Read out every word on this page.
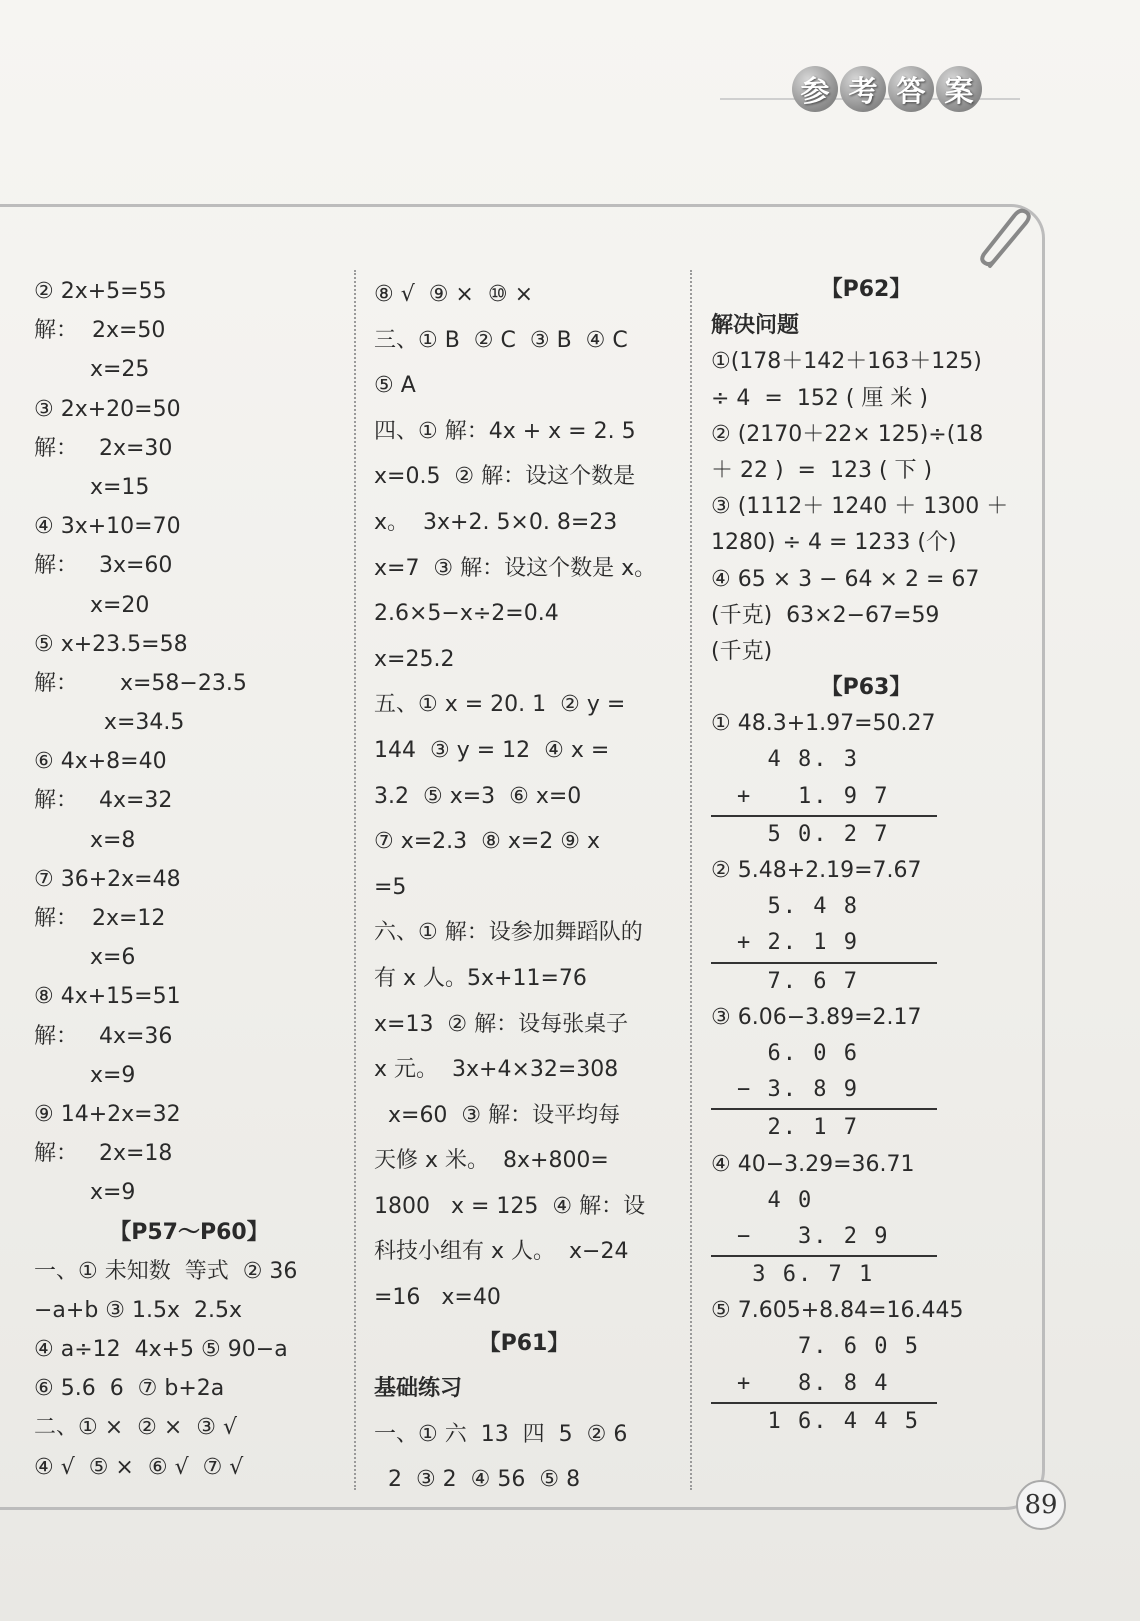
参 考 答 案
② 2x+5=55
解：  2x=50
x=25
③ 2x+20=50
解：   2x=30
x=15
④ 3x+10=70
解：   3x=60
x=20
⑤ x+23.5=58
解：      x=58−23.5
x=34.5
⑥ 4x+8=40
解：   4x=32
x=8
⑦ 36+2x=48
解：  2x=12
x=6
⑧ 4x+15=51
解：   4x=36
x=9
⑨ 14+2x=32
解：   2x=18
x=9
【P57～P60】
一、① 未知数  等式  ② 36
−a+b ③ 1.5x  2.5x
④ a÷12  4x+5 ⑤ 90−a
⑥ 5.6  6  ⑦ b+2a
二、① ×  ② ×  ③ √
④ √  ⑤ ×  ⑥ √  ⑦ √
⑧ √  ⑨ ×  ⑩ ×
三、① B  ② C  ③ B  ④ C
⑤ A
四、① 解：4x + x = 2. 5
x=0.5  ② 解：设这个数是
x。  3x+2. 5×0. 8=23
x=7  ③ 解：设这个数是 x。
2.6×5−x÷2=0.4
x=25.2
五、① x = 20. 1  ② y =
144  ③ y = 12  ④ x =
3.2  ⑤ x=3  ⑥ x=0
⑦ x=2.3  ⑧ x=2 ⑨ x
=5
六、① 解：设参加舞蹈队的
有 x 人。5x+11=76
x=13  ② 解：设每张桌子
x 元。  3x+4×32=308
x=60  ③ 解：设平均每
天修 x 米。  8x+800=
1800   x = 125  ④ 解：设
科技小组有 x 人。  x−24
=16   x=40
【P61】
基础练习
一、① 六  13  四  5  ② 6
2  ③ 2  ④ 56  ⑤ 8
【P62】
解决问题
①(178＋142＋163＋125)
÷ 4  =  152 ( 厘 米 )
② (2170＋22× 125)÷(18
＋ 22 )  =  123 ( 下 )
③ (1112＋ 1240 ＋ 1300 ＋
1280) ÷ 4 = 1233 (个)
④ 65 × 3 − 64 × 2 = 67
(千克)  63×2−67=59
(千克)
【P63】
① 48.3+1.97=50.27
4 8. 3
+   1. 9 7
5 0. 2 7
② 5.48+2.19=7.67
5. 4 8
+ 2. 1 9
7. 6 7
③ 6.06−3.89=2.17
6. 0 6
− 3. 8 9
2. 1 7
④ 40−3.29=36.71
4 0
−   3. 2 9
3 6. 7 1
⑤ 7.605+8.84=16.445
7. 6 0 5
+   8. 8 4
1 6. 4 4 5
89
